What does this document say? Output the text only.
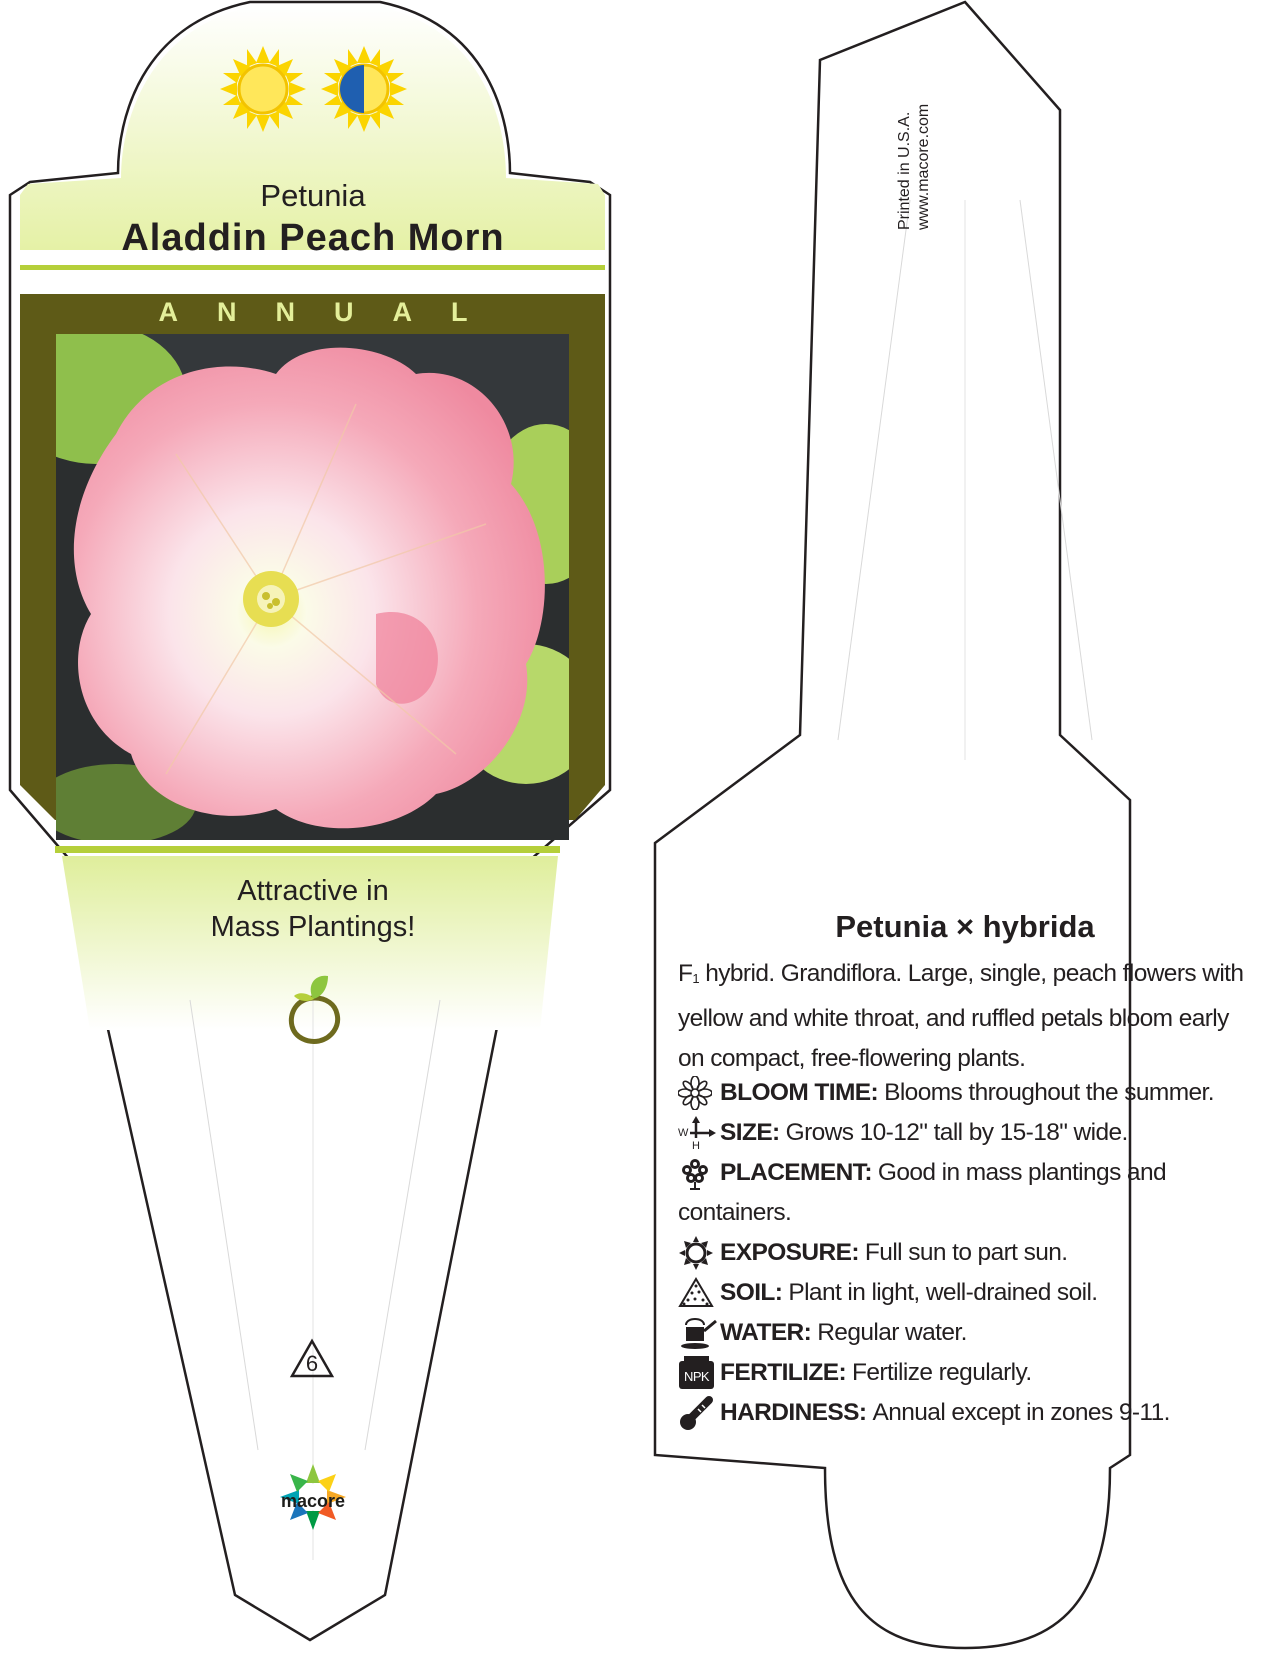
Petunia
Aladdin Peach Morn
ANNUAL
Attractive in
Mass Plantings!
6
macore
Printed in U.S.A. www.macore.com
Petunia × hybrida
F1 hybrid. Grandiflora. Large, single, peach flowers with yellow and white throat, and ruffled petals bloom early on compact, free-flowering plants.
BLOOM TIME: Blooms throughout the summer.
W
H SIZE: Grows 10-12" tall by 15-18" wide.
PLACEMENT: Good in mass plantings and containers.
EXPOSURE: Full sun to part sun.
SOIL: Plant in light, well-drained soil.
WATER: Regular water.
NPK FERTILIZE: Fertilize regularly.
HARDINESS: Annual except in zones 9-11.
